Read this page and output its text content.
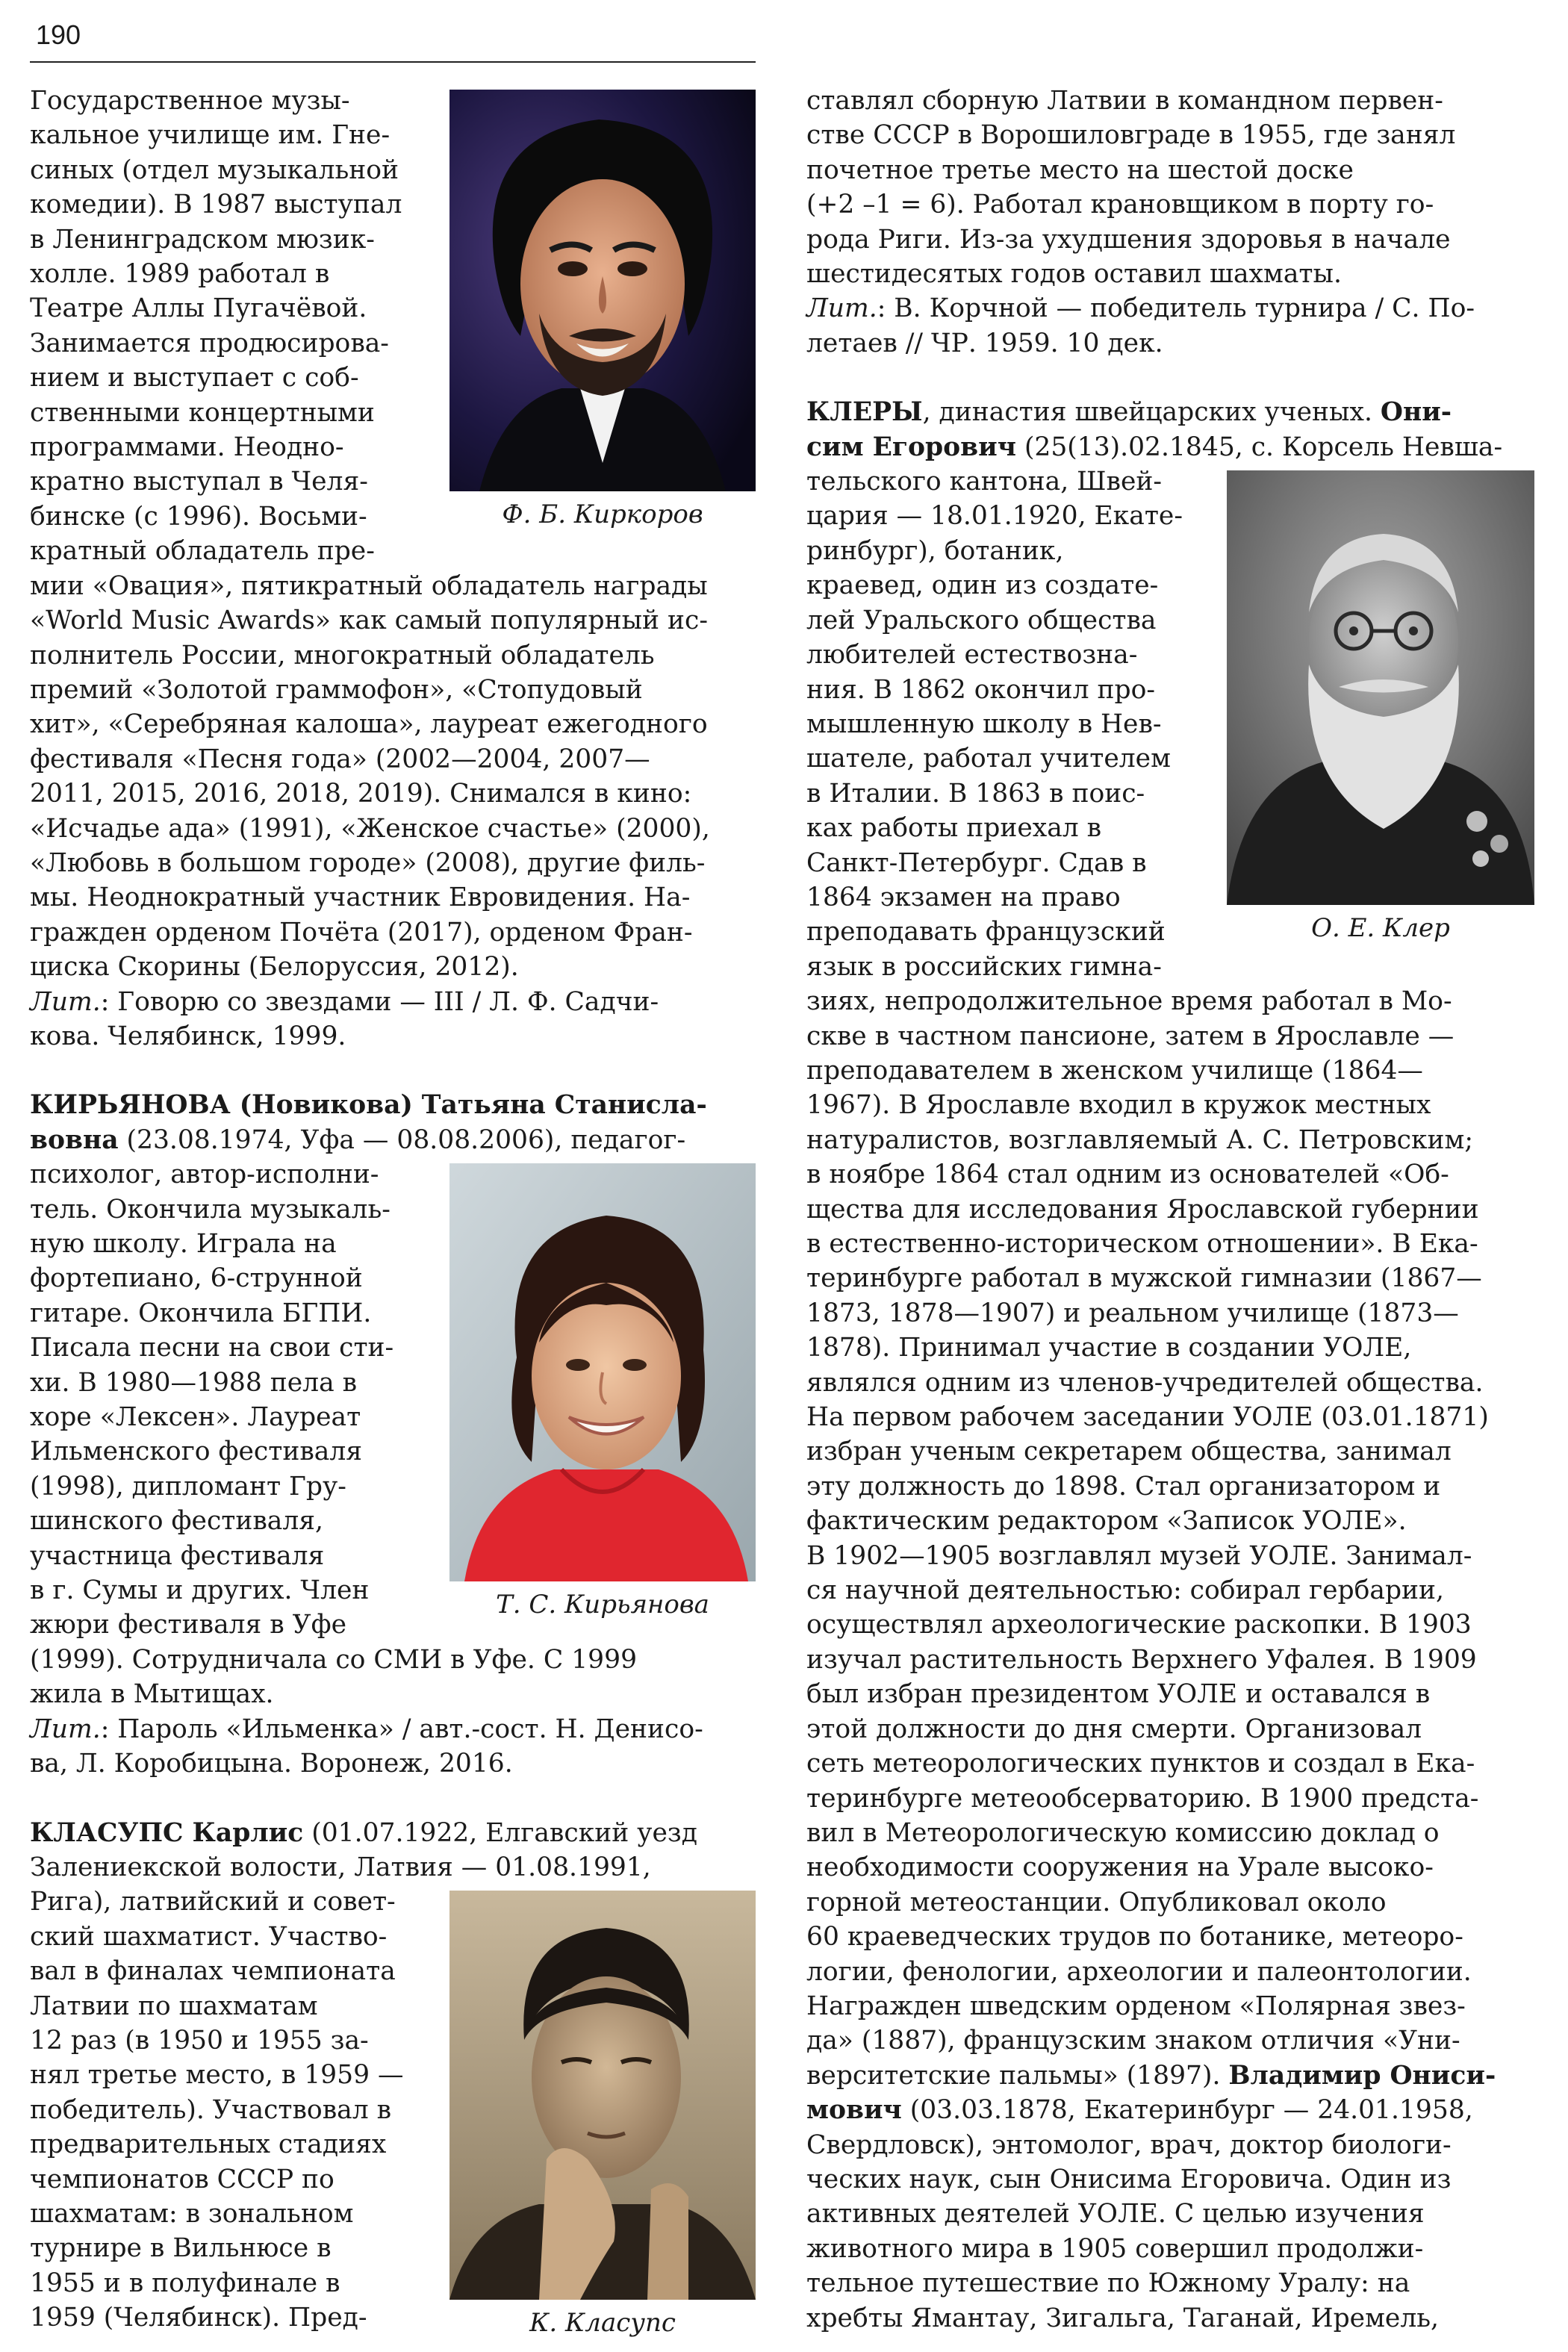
190
Ф. Б. Киркоров

Государственное музы-
кальное училище им. Гне-
синых (отдел музыкальной
комедии). В 1987 выступал
в Ленинградском мюзик-
холле. 1989 работал в
Театре Аллы Пугачёвой.
Занимается продюсирова-
нием и выступает с соб-
ственными концертными
программами. Неодно-
кратно выступал в Челя-
бинске (с 1996). Восьми-
кратный обладатель пре-
мии «Овация», пятикратный обладатель награды
«World Music Awards» как самый популярный ис-
полнитель России, многократный обладатель
премий «Золотой граммофон», «Стопудовый
хит», «Серебряная калоша», лауреат ежегодного
фестиваля «Песня года» (2002—2004, 2007—
2011, 2015, 2016, 2018, 2019). Снимался в кино:
«Исчадье ада» (1991), «Женское счастье» (2000),
«Любовь в большом городе» (2008), другие филь-
мы. Неоднократный участник Евровидения. На-
гражден орденом Почёта (2017), орденом Фран-
циска Скорины (Белоруссия, 2012).

Лит.: Говорю со звездами — III / Л. Ф. Садчи-
кова. Челябинск, 1999.

КИРЬЯНОВА (Новикова) Татьяна Станисла-
вовна (23.08.1974, Уфа — 08.08.2006), педагог-

Т. С. Кирьянова

психолог, автор-исполни-
тель. Окончила музыкаль-
ную школу. Играла на
фортепиано, 6-струнной
гитаре. Окончила БГПИ.
Писала песни на свои сти-
хи. В 1980—1988 пела в
хоре «Лексен». Лауреат
Ильменского фестиваля
(1998), дипломант Гру-
шинского фестиваля,
участница фестиваля
в г. Сумы и других. Член
жюри фестиваля в Уфе
(1999). Сотрудничала со СМИ в Уфе. С 1999
жила в Мытищах.

Лит.: Пароль «Ильменка» / авт.-сост. Н. Денисо-
ва, Л. Коробицына. Воронеж, 2016.

КЛАСУПС Карлис (01.07.1922, Елгавский уезд
Залениекской волости, Латвия — 01.08.1991,

К. Класупс

Рига), латвийский и совет-
ский шахматист. Участво-
вал в финалах чемпионата
Латвии по шахматам
12 раз (в 1950 и 1955 за-
нял третье место, в 1959 —
победитель). Участвовал в
предварительных стадиях
чемпионатов СССР по
шахматам: в зональном
турнире в Вильнюсе в
1955 и в полуфинале в
1959 (Челябинск). Пред-

ставлял сборную Латвии в командном первен-
стве СССР в Ворошиловграде в 1955, где занял
почетное третье место на шестой доске
(+2 –1 = 6). Работал крановщиком в порту го-
рода Риги. Из-за ухудшения здоровья в начале
шестидесятых годов оставил шахматы.

Лит.: В. Корчной — победитель турнира / С. По-
летаев // ЧР. 1959. 10 дек.

КЛЕРЫ, династия швейцарских ученых. Они-
сим Егорович (25(13).02.1845, с. Корсель Невша-

О. Е. Клер

тельского кантона, Швей-
цария — 18.01.1920, Екате-
ринбург), ботаник,
краевед, один из создате-
лей Уральского общества
любителей естествозна-
ния. В 1862 окончил про-
мышленную школу в Нев-
шателе, работал учителем
в Италии. В 1863 в поис-
ках работы приехал в
Санкт-Петербург. Сдав в
1864 экзамен на право
преподавать французский
язык в российских гимна-
зиях, непродолжительное время работал в Мо-
скве в частном пансионе, затем в Ярославле —
преподавателем в женском училище (1864—
1967). В Ярославле входил в кружок местных
натуралистов, возглавляемый А. С. Петровским;
в ноябре 1864 стал одним из основателей «Об-
щества для исследования Ярославской губернии
в естественно-историческом отношении». В Ека-
теринбурге работал в мужской гимназии (1867—
1873, 1878—1907) и реальном училище (1873—
1878). Принимал участие в создании УОЛЕ,
являлся одним из членов-учредителей общества.
На первом рабочем заседании УОЛЕ (03.01.1871)
избран ученым секретарем общества, занимал
эту должность до 1898. Стал организатором и
фактическим редактором «Записок УОЛЕ».
В 1902—1905 возглавлял музей УОЛЕ. Занимал-
ся научной деятельностью: собирал гербарии,
осуществлял археологические раскопки. В 1903
изучал растительность Верхнего Уфалея. В 1909
был избран президентом УОЛЕ и оставался в
этой должности до дня смерти. Организовал
сеть метеорологических пунктов и создал в Ека-
теринбурге метеообсерваторию. В 1900 предста-
вил в Метеорологическую комиссию доклад о
необходимости сооружения на Урале высоко-
горной метеостанции. Опубликовал около
60 краеведческих трудов по ботанике, метеоро-
логии, фенологии, археологии и палеонтологии.
Награжден шведским орденом «Полярная звез-
да» (1887), французским знаком отличия «Уни-
верситетские пальмы» (1897). Владимир Ониси-
мович (03.03.1878, Екатеринбург — 24.01.1958,
Свердловск), энтомолог, врач, доктор биологи-
ческих наук, сын Онисима Егоровича. Один из
активных деятелей УОЛЕ. С целью изучения
животного мира в 1905 совершил продолжи-
тельное путешествие по Южному Уралу: на
хребты Ямантау, Зигальга, Таганай, Иремель,
